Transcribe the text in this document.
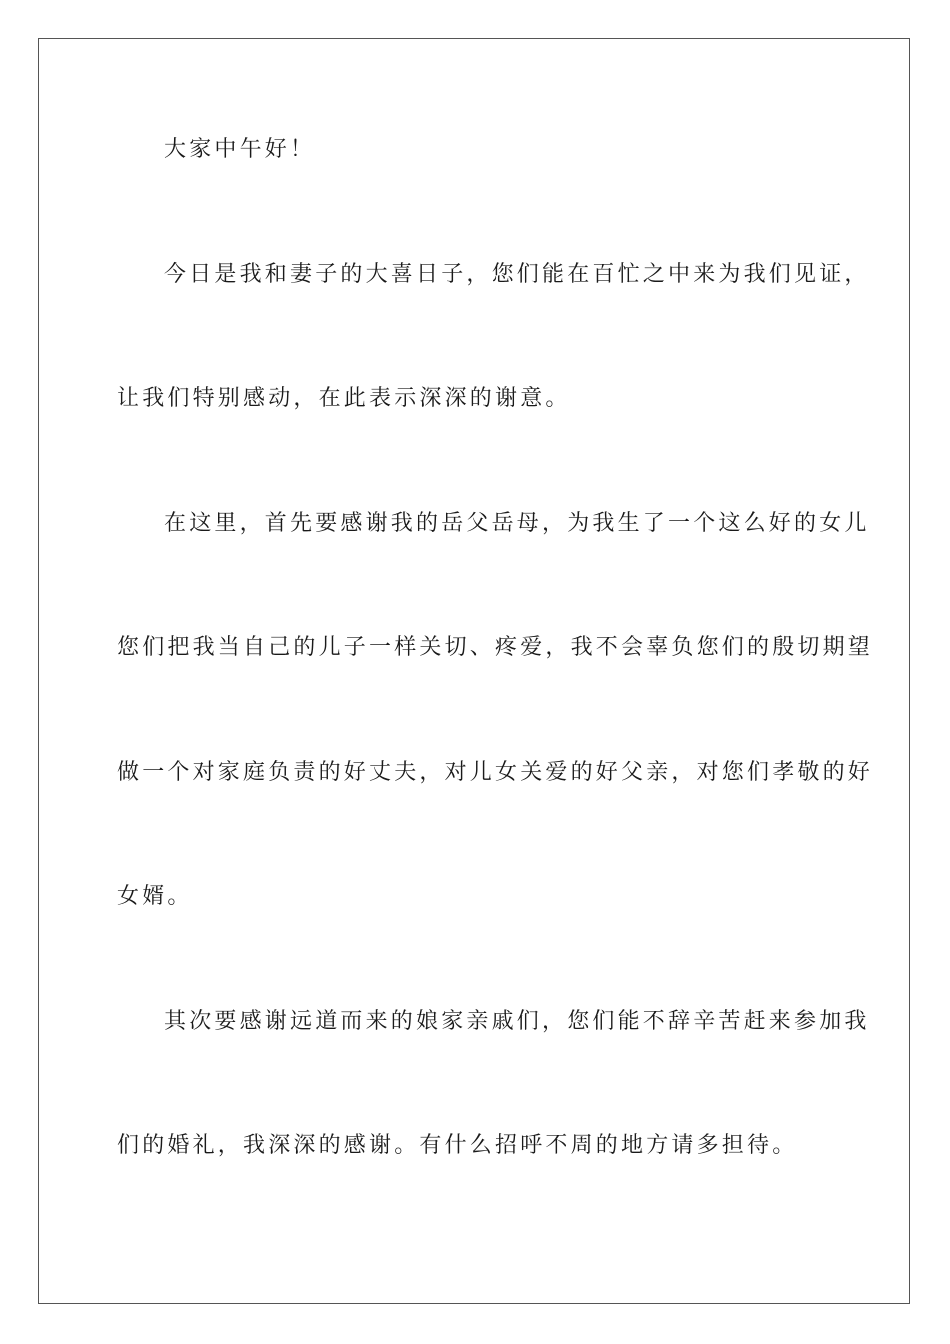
大家中午好！
今日是我和妻子的大喜日子，您们能在百忙之中来为我们见证，
让我们特别感动，在此表示深深的谢意。
在这里，首先要感谢我的岳父岳母，为我生了一个这么好的女儿
您们把我当自己的儿子一样关切、疼爱，我不会辜负您们的殷切期望
做一个对家庭负责的好丈夫，对儿女关爱的好父亲，对您们孝敬的好
女婿。
其次要感谢远道而来的娘家亲戚们，您们能不辞辛苦赶来参加我
们的婚礼，我深深的感谢。有什么招呼不周的地方请多担待。
